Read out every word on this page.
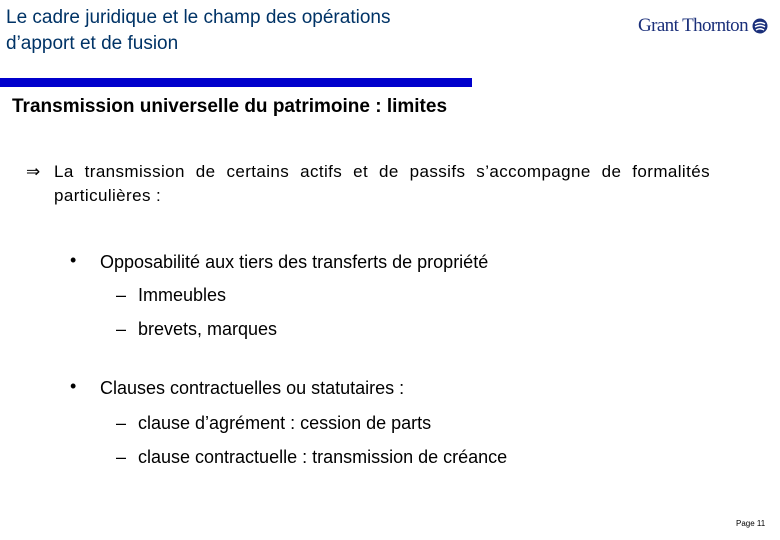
Le cadre juridique et le champ des opérations d’apport et de fusion
Grant Thornton
Transmission universelle du patrimoine : limites
⇒ La transmission de certains actifs et de passifs s’accompagne de formalités particulières :
• Opposabilité aux tiers des transferts de propriété
– Immeubles
– brevets, marques
• Clauses contractuelles ou statutaires :
– clause d’agrément : cession de parts
– clause contractuelle : transmission de créance
Page 11
